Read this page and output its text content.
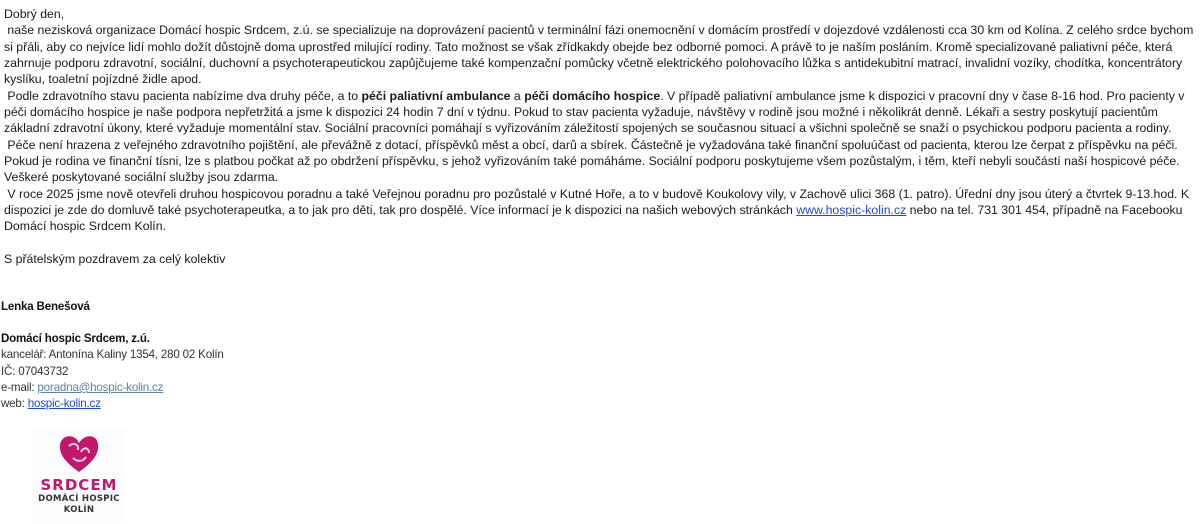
Dobrý den,

naše nezisková organizace Domácí hospic Srdcem, z.ú. se specializuje na doprovázení pacientů v terminální fázi onemocnění v domácím prostředí v dojezdové vzdálenosti cca 30 km od Kolína. Z celého srdce bychom si přáli, aby co nejvíce lidí mohlo dožít důstojně doma uprostřed milující rodiny. Tato možnost se však zřídkakdy obejde bez odborné pomoci. A právě to je naším posláním. Kromě specializované paliativní péče, která zahrnuje podporu zdravotní, sociální, duchovní a psychoterapeutickou zapůjčujeme také kompenzační pomůcky včetně elektrického polohovacího lůžka s antidekubitní matrací, invalidní vozíky, chodítka, koncentrátory kyslíku, toaletní pojízdné židle apod.

Podle zdravotního stavu pacienta nabízíme dva druhy péče, a to péči paliativní ambulance a péči domácího hospice. V případě paliativní ambulance jsme k dispozici v pracovní dny v čase 8-16 hod. Pro pacienty v péči domácího hospice je naše podpora nepřetržitá a jsme k dispozici 24 hodin 7 dní v týdnu. Pokud to stav pacienta vyžaduje, návštěvy v rodině jsou možné i několikrát denně. Lékaři a sestry poskytují pacientům základní zdravotní úkony, které vyžaduje momentální stav. Sociální pracovníci pomáhají s vyřizováním záležitostí spojených se současnou situací a všichni společně se snaží o psychickou podporu pacienta a rodiny.

Péče není hrazena z veřejného zdravotního pojištění, ale převážně z dotací, příspěvků měst a obcí, darů a sbírek. Částečně je vyžadována také finanční spoluúčast od pacienta, kterou lze čerpat z příspěvku na péči. Pokud je rodina ve finanční tísni, lze s platbou počkat až po obdržení příspěvku, s jehož vyřizováním také pomáháme. Sociální podporu poskytujeme všem pozůstalým, i těm, kteří nebyli součástí naší hospicové péče. Veškeré poskytované sociální služby jsou zdarma.

V roce 2025 jsme nově otevřeli druhou hospicovou poradnu a také Veřejnou poradnu pro pozůstalé v Kutné Hoře, a to v budově Koukolovy vily, v Zachově ulici 368 (1. patro). Úřední dny jsou úterý a čtvrtek 9-13.hod. K dispozici je zde do domluvě také psychoterapeutka, a to jak pro děti, tak pro dospělé. Více informací je k dispozici na našich webových stránkách www.hospic-kolin.cz nebo na tel. 731 301 454, případně na Facebooku Domácí hospic Srdcem Kolín.

S přátelským pozdravem za celý kolektiv

Lenka Benešová
Domácí hospic Srdcem, z.ú.
kancelář: Antonína Kaliny 1354, 280 02 Kolín
IČ: 07043732
e-mail: poradna@hospic-kolin.cz
web: hospic-kolin.cz
SRDCEM
DOMÁCÍ HOSPIC
KOLÍN
